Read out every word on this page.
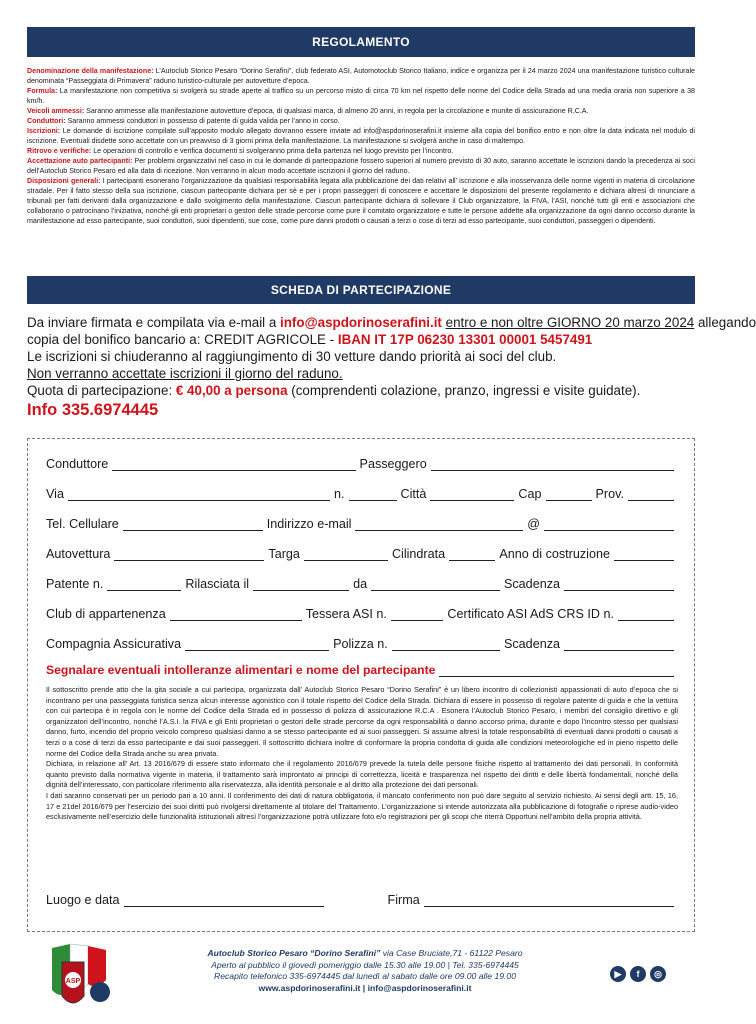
REGOLAMENTO

Denominazione della manifestazione: L’Autoclub Storico Pesaro “Dorino Serafini”, club federato ASI, Automotoclub Storico Italiano, indice e organizza per il 24 marzo 2024 una manifestazione turistico culturale denominata “Passeggiata di Primavera” raduno turistico-culturale per autovetture d’epoca.

Formula: La manifestazione non competitiva si svolgerà su strade aperte al traffico su un percorso misto di circa 70 km nel rispetto delle norme del Codice della Strada ad una media oraria non superiore a 38 km/h.

Veicoli ammessi: Saranno ammesse alla manifestazione autovetture d’epoca, di qualsiasi marca, di almeno 20 anni, in regola per la circolazione e munite di assicurazione R.C.A.

Conduttori: Saranno ammessi conduttori in possesso di patente di guida valida per l’anno in corso.

Iscrizioni: Le domande di iscrizione compilate sull’apposito modulo allegato dovranno essere inviate ad info@aspdorinoserafini.it insieme alla copia del bonifico entro e non oltre la data indicata nel modulo di iscrizione. Eventuali disdette sono accettate con un preavviso di 3 giorni prima della manifestazione. La manifestazione si svolgerà anche in caso di maltempo.

Ritrovo e verifiche: Le operazioni di controllo e verifica documenti si svolgeranno prima della partenza nel luogo previsto per l’incontro.

Accettazione auto partecipanti: Per problemi organizzativi nel caso in cui le domande di partecipazione fossero superiori al numero previsto di 30 auto, saranno accettate le iscrizioni dando la precedenza ai soci dell’Autoclub Storico Pesaro ed alla data di ricezione. Non verranno in alcun modo accettate iscrizioni il giorno del raduno.

Disposizioni generali: I partecipanti esonerano l’organizzazione da qualsiasi responsabilità legata alla pubblicazione dei dati relativi all’ iscrizione e alla inosservanza delle norme vigenti in materia di circolazione stradale. Per il fatto stesso della sua iscrizione, ciascun partecipante dichiara per sè e per i propri passeggeri di conoscere e accettare le disposizioni del presente regolamento e dichiara altresì di rinunciare a tribunali per fatti derivanti dalla organizzazione e dallo svolgimento della manifestazione. Ciascun partecipante dichiara di sollevare il Club organizzatore, la FIVA, l’ASI, nonché tutti gli enti e associazioni che collaborano o patrocinano l’iniziativa, nonché gli enti proprietari o gestori delle strade percorse come pure il comitato organizzatore e tutte le persone addette alla organizzazione da ogni danno occorso durante la manifestazione ad esso partecipante, suoi conduttori, suoi dipendenti, sue cose, come pure danni prodotti o causati a terzi o cose di terzi ad esso partecipante, suoi conduttori, passeggeri o dipendenti.

SCHEDA DI PARTECIPAZIONE

Da inviare firmata e compilata via e-mail a info@aspdorinoserafini.it entro e non oltre GIORNO 20 marzo 2024 allegando

copia del bonifico bancario a: CREDIT AGRICOLE - IBAN IT 17P 06230 13301 00001 5457491

Le iscrizioni si chiuderanno al raggiungimento di 30 vetture dando priorità ai soci del club.

Non verranno accettate iscrizioni il giorno del raduno.

Quota di partecipazione: € 40,00 a persona (comprendenti colazione, pranzo, ingressi e visite guidate).

Info 335.6974445

Conduttore	Passeggero
Via	n.	Città	Cap	Prov.
Tel. Cellulare	Indirizzo e-mail	@
Autovettura	Targa	Cilindrata	Anno di costruzione
Patente n.	Rilasciata il	da	Scadenza
Club di appartenenza	Tessera ASI n.	Certificato ASI AdS CRS ID n.
Compagnia Assicurativa	Polizza n.	Scadenza
Segnalare eventuali intolleranze alimentari e nome del partecipante

Il sottoscritto prende atto che la gita sociale a cui partecipa, organizzata dall’ Autoclub Storico Pesaro “Dorino Serafini” è un libero incontro di collezionisti appassionati di auto d’epoca che si incontrano per una passeggiata turistica senza alcun interesse agonistico con il totale rispetto del Codice della Strada. Dichiara di essere in possesso di regolare patente di guida e che la vettura con cui partecipa è in regola con le norme del Codice della Strada ed in possesso di polizza di assicurazione R.C.A . Esonera l’Autoclub Storico Pesaro, i membri del consiglio direttivo e gli organizzatori dell’incontro, nonché l’A.S.I. la FIVA e gli Enti proprietari o gestori delle strade percorse da ogni responsabilità o danno accorso prima, durante e dopo l’incontro stesso per qualsiasi danno, furto, incendio del proprio veicolo compreso qualsiasi danno a se stesso partecipante ed ai suoi passeggeri. Si assume altresì la totale responsabilità di eventuali danni prodotti o causati a terzi o a cose di terzi da esso partecipante e dai suoi passeggeri. Il sottoscritto dichiara inoltre di conformare la propria condotta di guida alle condizioni meteorologiche ed in pieno rispetto delle norme del Codice della Strada anche su area privata.

Dichiara, in relazione all’ Art. 13 2016/679 di essere stato informato che il regolamento 2016/679 prevede la tutela delle persone fisiche rispetto al trattamento dei dati personali. In conformità quanto previsto dalla normativa vigente in materia, il trattamento sarà improntato ai principi di correttezza, liceità e trasparenza nel rispetto dei diritti e delle libertà fondamentali, nonché della dignità dell’interessato, con particolare riferimento alla riservatezza, alla identità personale e al diritto alla protezione dei dati personali.

I dati saranno conservati per un periodo pari a 10 anni. Il conferimento dei dati di natura obbligatoria, il mancato conferimento non può dare seguito al servizio richiesto. Ai sensi degli artt. 15, 16, 17 e 21del 2016/679 per l’esercizio dei suoi diritti può rivolgersi direttamente al titolare del Trattamento. L’organizzazione si intende autorizzata alla pubblicazione di fotografie o riprese audio-video esclusivamente nell’esercizio delle funzionalità istituzionali altresì l’organizzazione potrà utilizzare foto e/o registrazioni per gli scopi che riterrà Opportuni nell’ambito della propria attività.

Luogo e data	Firma
ASP

Autoclub Storico Pesaro “Dorino Serafini” via Case Bruciate,71 - 61122 Pesaro

Aperto al pubblico il giovedì pomeriggio dalle 15.30 alle 19.00 | Tel. 335-6974445

Recapito telefonico 335-6974445 dal lunedì al sabato dalle ore 09.00 alle 19.00

www.aspdorinoserafini.it | info@aspdorinoserafini.it

▶	f	◎
